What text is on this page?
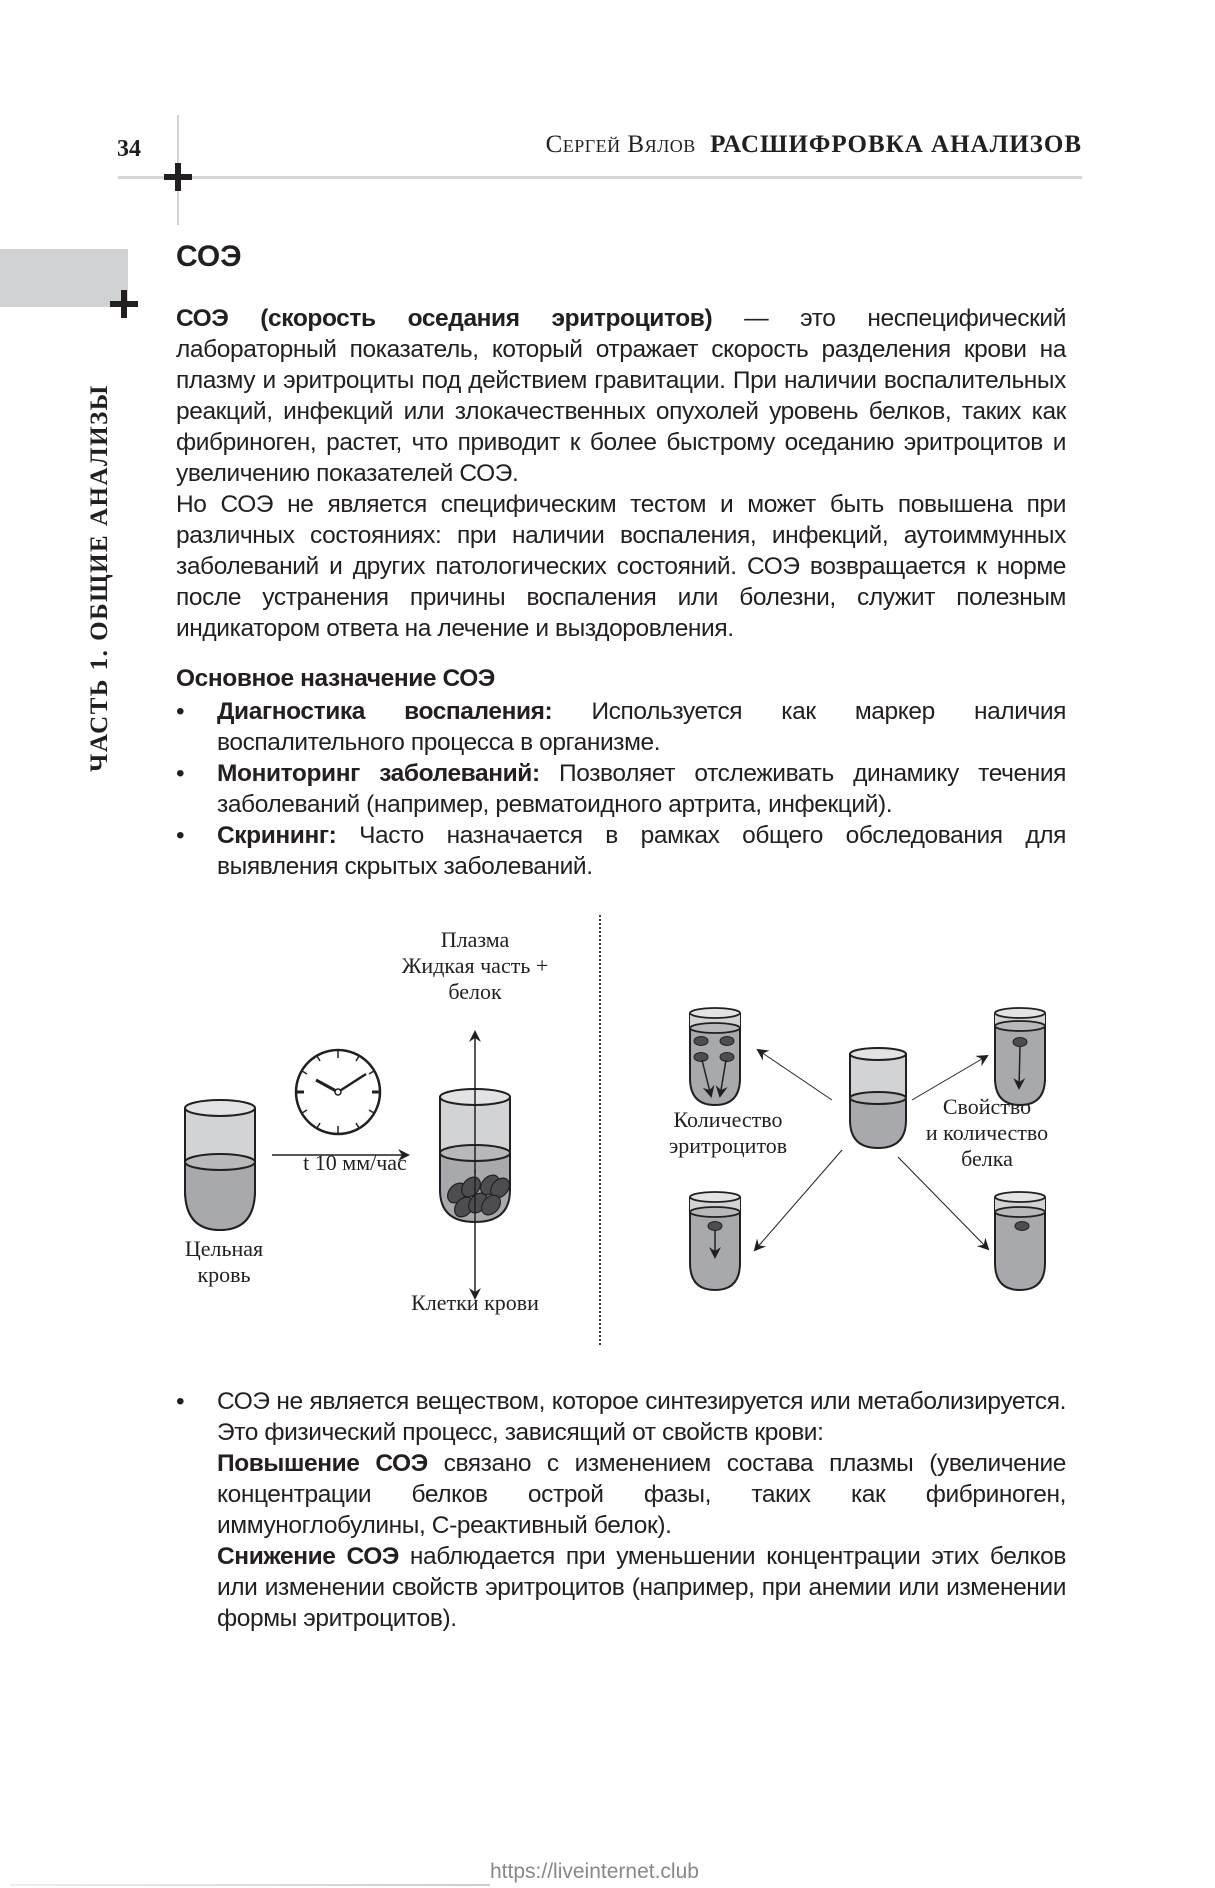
34	Сергей Вялов РАСШИФРОВКА АНАЛИЗОВ
ЧАСТЬ 1. ОБЩИЕ АНАЛИЗЫ
СОЭ
СОЭ (скорость оседания эритроцитов) — это неспецифический лабораторный показатель, который отражает скорость разделения крови на плазму и эритроциты под действием гравитации. При наличии воспалительных реакций, инфекций или злокачественных опухолей уровень белков, таких как фибриноген, растет, что приводит к более быстрому оседанию эритроцитов и увеличению показателей СОЭ.
Но СОЭ не является специфическим тестом и может быть повышена при различных состояниях: при наличии воспаления, инфекций, аутоиммунных заболеваний и других патологических состояний. СОЭ возвращается к норме после устранения причины воспаления или болезни, служит полезным индикатором ответа на лечение и выздоровления.
Основное назначение СОЭ
• Диагностика воспаления: Используется как маркер наличия воспалительного процесса в организме.
• Мониторинг заболеваний: Позволяет отслеживать динамику течения заболеваний (например, ревматоидного артрита, инфекций).
• Скрининг: Часто назначается в рамках общего обследования для выявления скрытых заболеваний.
Цельная
кровь
t 10 мм/час
Плазма
Жидкая часть +
белок
Клетки крови
Количество
эритроцитов
Свойство
и количество
белка
• СОЭ не является веществом, которое синтезируется или метаболизируется. Это физический процесс, зависящий от свойств крови:
Повышение СОЭ связано с изменением состава плазмы (увеличение концентрации белков острой фазы, таких как фибриноген, иммуноглобулины, С-реактивный белок).
Снижение СОЭ наблюдается при уменьшении концентрации этих белков или изменении свойств эритроцитов (например, при анемии или изменении формы эритроцитов).
https://liveinternet.club
